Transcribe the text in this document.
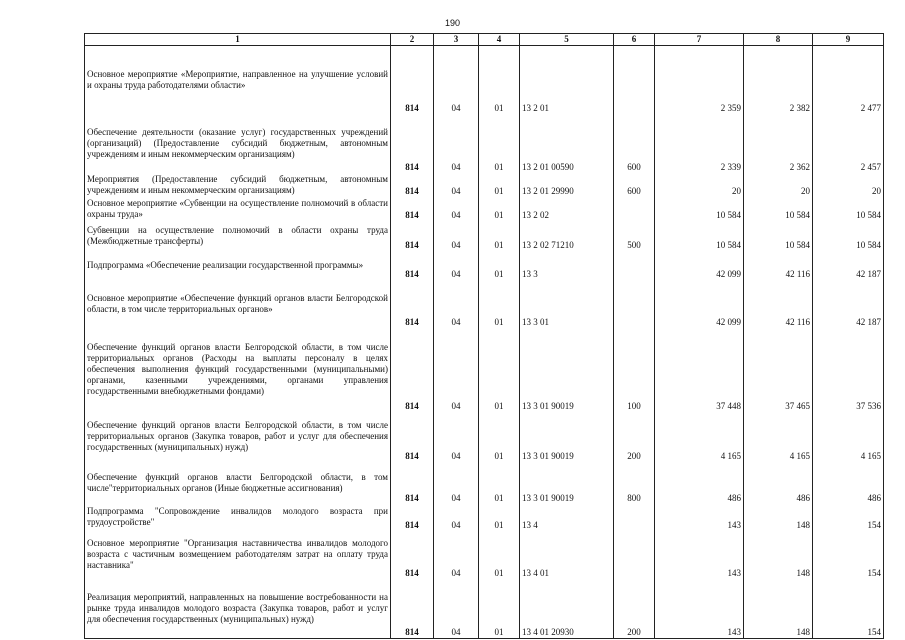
190
1	2	3	4	5	6	7	8	9
Основное мероприятие «Мероприятие, направленное на улучшение условий и охраны труда работодателями области»	814	04	01	13 2 01		2 359	2 382	2 477
Обеспечение деятельности (оказание услуг) государственных учреждений (организаций) (Предоставление субсидий бюджетным, автономным учреждениям и иным некоммерческим организациям)	814	04	01	13 2 01 00590	600	2 339	2 362	2 457
Мероприятия (Предоставление субсидий бюджетным, автономным учреждениям и иным некоммерческим организациям)	814	04	01	13 2 01 29990	600	20	20	20
Основное мероприятие «Субвенции на осуществление полномочий в области охраны труда»	814	04	01	13 2 02		10 584	10 584	10 584
Субвенции на осуществление полномочий в области охраны труда (Межбюджетные трансферты)	814	04	01	13 2 02 71210	500	10 584	10 584	10 584
Подпрограмма «Обеспечение реализации государственной программы»	814	04	01	13 3		42 099	42 116	42 187
Основное мероприятие «Обеспечение функций органов власти Белгородской области, в том числе территориальных органов»	814	04	01	13 3 01		42 099	42 116	42 187
Обеспечение функций органов власти Белгородской области, в том числе территориальных органов (Расходы на выплаты персоналу в целях обеспечения выполнения функций государственными (муниципальными) органами, казенными учреждениями, органами управления государственными внебюджетными фондами)	814	04	01	13 3 01 90019	100	37 448	37 465	37 536
Обеспечение функций органов власти Белгородской области, в том числе территориальных органов (Закупка товаров, работ и услуг для обеспечения государственных (муниципальных) нужд)	814	04	01	13 3 01 90019	200	4 165	4 165	4 165
Обеспечение функций органов власти Белгородской области, в том числе"территориальных органов (Иные бюджетные ассигнования)	814	04	01	13 3 01 90019	800	486	486	486
Подпрограмма "Сопровождение инвалидов молодого возраста при трудоустройстве"	814	04	01	13 4		143	148	154
Основное мероприятие "Организация наставничества инвалидов молодого возраста с частичным возмещением работодателям затрат на оплату труда наставника"	814	04	01	13 4 01		143	148	154
Реализация мероприятий, направленных на повышение востребованности на рынке труда инвалидов молодого возраста (Закупка товаров, работ и услуг для обеспечения государственных (муниципальных) нужд)	814	04	01	13 4 01 20930	200	143	148	154
